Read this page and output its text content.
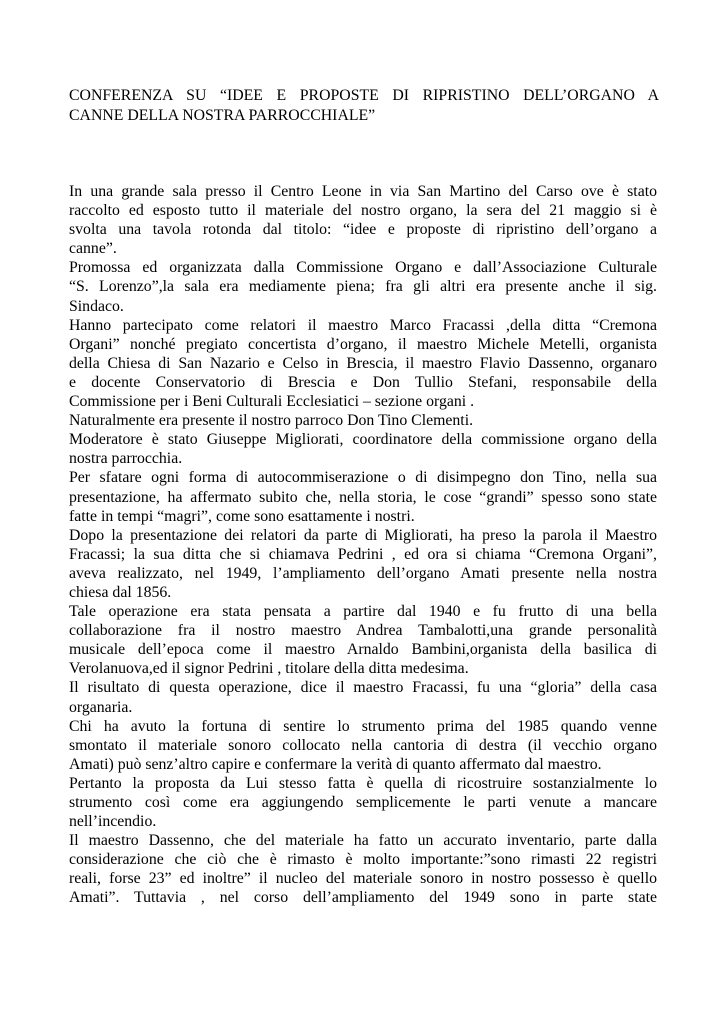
CONFERENZA SU “IDEE E PROPOSTE DI RIPRISTINO DELL’ORGANO A
CANNE DELLA NOSTRA PARROCCHIALE”

In una grande sala presso il Centro Leone in via San Martino del Carso ove è stato
raccolto ed esposto tutto il materiale del nostro organo, la sera del 21 maggio si è
svolta una tavola rotonda dal titolo: “idee e proposte di ripristino dell’organo a
canne”.

Promossa ed organizzata dalla Commissione Organo e dall’Associazione Culturale
“S. Lorenzo”,la sala era mediamente piena; fra gli altri era presente anche il sig.
Sindaco.

Hanno partecipato come relatori il maestro Marco Fracassi ,della ditta “Cremona
Organi” nonché pregiato concertista d’organo, il maestro Michele Metelli, organista
della Chiesa di San Nazario e Celso in Brescia, il maestro Flavio Dassenno, organaro
e docente Conservatorio di Brescia e Don Tullio Stefani, responsabile della
Commissione per i Beni Culturali Ecclesiatici – sezione organi .

Naturalmente era presente il nostro parroco Don Tino Clementi.

Moderatore è stato Giuseppe Migliorati, coordinatore della commissione organo della
nostra parrocchia.

Per sfatare ogni forma di autocommiserazione o di disimpegno don Tino, nella sua
presentazione, ha affermato subito che, nella storia, le cose “grandi” spesso sono state
fatte in tempi “magri”, come sono esattamente i nostri.

Dopo la presentazione dei relatori da parte di Migliorati, ha preso la parola il Maestro
Fracassi; la sua ditta che si chiamava Pedrini , ed ora si chiama “Cremona Organi”,
aveva realizzato, nel 1949, l’ampliamento dell’organo Amati presente nella nostra
chiesa dal 1856.

Tale operazione era stata pensata a partire dal 1940 e fu frutto di una bella
collaborazione fra il nostro maestro Andrea Tambalotti,una grande personalità
musicale dell’epoca come il maestro Arnaldo Bambini,organista della basilica di
Verolanuova,ed il signor Pedrini , titolare della ditta medesima.

Il risultato di questa operazione, dice il maestro Fracassi, fu una “gloria” della casa
organaria.

Chi ha avuto la fortuna di sentire lo strumento prima del 1985 quando venne
smontato il materiale sonoro collocato nella cantoria di destra (il vecchio organo
Amati) può senz’altro capire e confermare la verità di quanto affermato dal maestro.

Pertanto la proposta da Lui stesso fatta è quella di ricostruire sostanzialmente lo
strumento così come era aggiungendo semplicemente le parti venute a mancare
nell’incendio.

Il maestro Dassenno, che del materiale ha fatto un accurato inventario, parte dalla
considerazione che ciò che è rimasto è molto importante:”sono rimasti 22 registri
reali, forse 23” ed inoltre” il nucleo del materiale sonoro in nostro possesso è quello
Amati”. Tuttavia , nel corso dell’ampliamento del 1949 sono in parte state
